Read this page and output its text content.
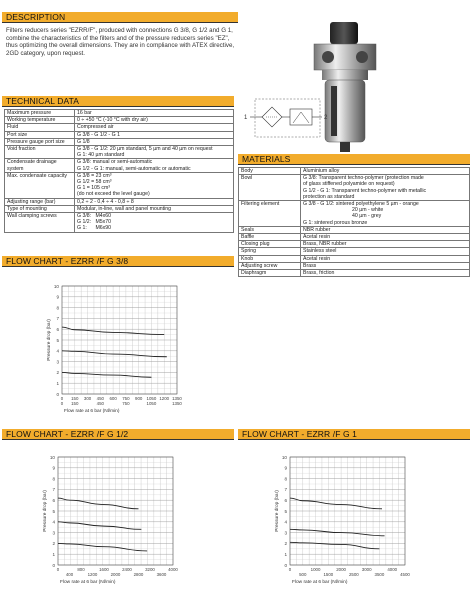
DESCRIPTION
Filters reducers series "EZRR/F", produced with connections G 3/8, G 1/2 and G 1, combine the characteristics of the filters and of the pressure reducers series "EZ", thus optimizing the overall dimensions. They are in compliance with ATEX directive, 2GD category, upon request.
1	2
TECHNICAL DATA
Maximum pressure	16 bar

Working temperature	0 ÷ +50 °C (-10 °C with dry air)

Fluid	Compressed air

Port size	G 3/8 - G 1/2 - G 1

Pressure gauge port size	G 1/8

Void fraction	G 3/8 - G 1/2: 20 µm standard, 5 µm and 40 µm on request
G 1: 40 µm standard

Condensate drainage
system	G 3/8: manual or semi-automatic
G 1/2 - G 1: manual, semi-automatic or automatic

Max. condensate capacity	G 3/8 = 23 cm³
G 1/2 = 58 cm³
G 1 = 105 cm³
(do not exceed the level gauge)

Adjusting range (bar)	0,2 ÷ 2 - 0,4 ÷ 4 - 0,8 ÷ 8

Type of mounting	Modular, in-line, wall and panel mounting

Wall clamping screws	G 3/8:   M4x60
G 1/2:   M5x70
G 1:      M6x90
MATERIALS
Body	Aluminium alloy

Bowl	G 3/8: Transparent techno-polymer (protection made
of glass stiffened polyamide on request)
G 1/2 - G 1: Transparent techno-polymer with metallic
protection as standard

Filtering element	G 3/8 - G 1/2: sintered polyethylene 5 µm - orange
20 µm - white
40 µm - grey
G 1: sintered porous bronze

Seals	NBR rubber

Baffle	Acetal resin

Closing plug	Brass, NBR rubber

Spring	Stainless steel

Knob	Acetal resin

Adjusting screw	Brass

Diaphragm	Brass, friction
FLOW CHART - EZRR /F G 3/8
FLOW CHART - EZRR /F G 1/2	FLOW CHART - EZRR /F G 1
0
1
2
3
4
5
6
7
8
9
10
0 150 300 450 600 750 900 1050 1200 1350
0 150	450	750	1050	1350
Flow rate at 6 bar (Nl/min)
Pressure drop (bar)
0
1
2
3
4
5
6
7
8
9
10
0	800	1600	2400	3200	4000
400	1200	2000	2800	3600
Flow rate at 6 bar (Nl/min)
Pressure drop (bar)
0
1
2
3
4
5
6
7
8
9
10
0	1000	2000	3000	4000
500	1500	2500	3500	4500
Flow rate at 6 bar (Nl/min)
Pressure drop (bar)
